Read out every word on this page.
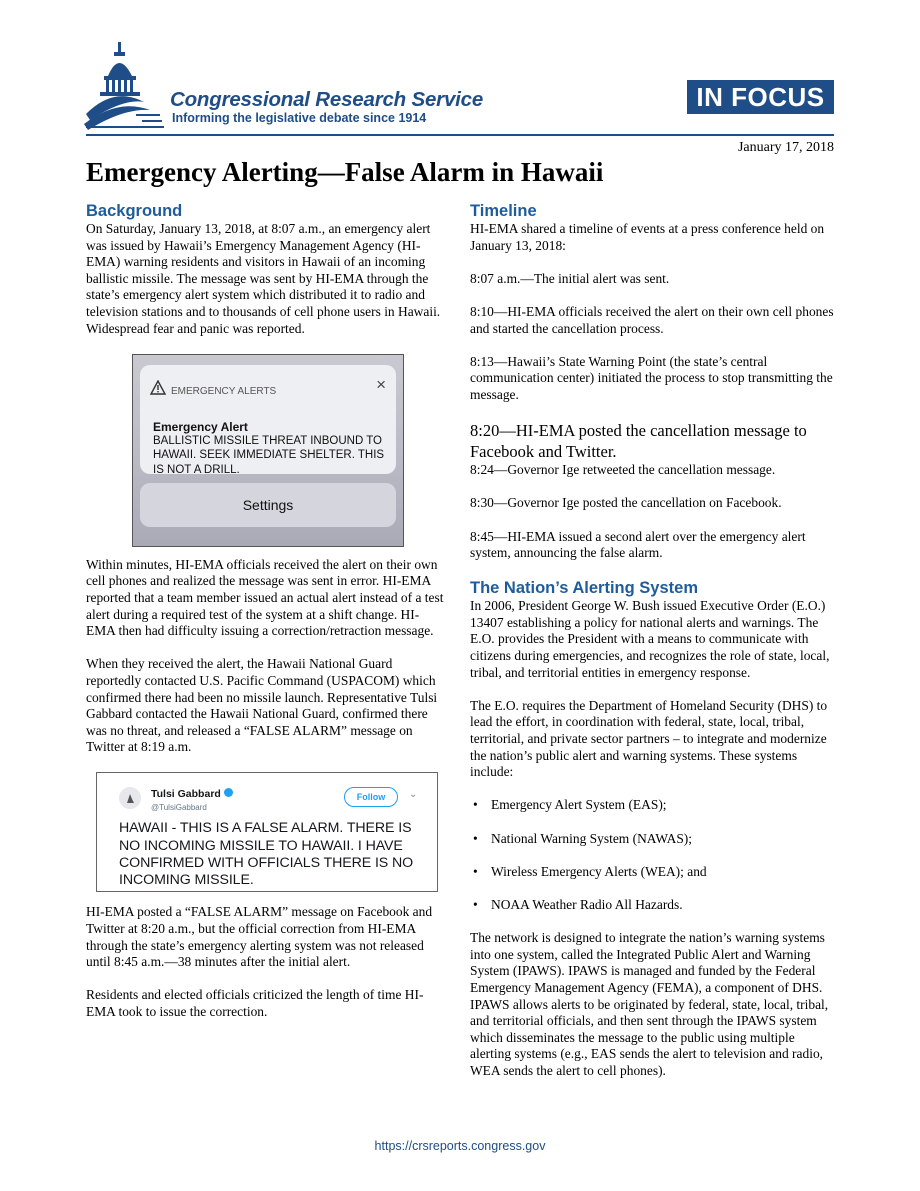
Congressional Research Service
Informing the legislative debate since 1914
IN FOCUS
January 17, 2018
Emergency Alerting—False Alarm in Hawaii
Background

On Saturday, January 13, 2018, at 8:07 a.m., an emergency alert was issued by Hawaii’s Emergency Management Agency (HI-EMA) warning residents and visitors in Hawaii of an incoming ballistic missile. The message was sent by HI-EMA through the state’s emergency alert system which distributed it to radio and television stations and to thousands of cell phone users in Hawaii. Widespread fear and panic was reported.

EMERGENCY ALERTS	×
Emergency Alert
BALLISTIC MISSILE THREAT INBOUND TO HAWAII. SEEK IMMEDIATE SHELTER. THIS IS NOT A DRILL.
Settings

Within minutes, HI-EMA officials received the alert on their own cell phones and realized the message was sent in error. HI-EMA reported that a team member issued an actual alert instead of a test alert during a required test of the system at a shift change. HI-EMA then had difficulty issuing a correction/retraction message.

When they received the alert, the Hawaii National Guard reportedly contacted U.S. Pacific Command (USPACOM) which confirmed there had been no missile launch. Representative Tulsi Gabbard contacted the Hawaii National Guard, confirmed there was no threat, and released a “FALSE ALARM” message on Twitter at 8:19 a.m.

Tulsi Gabbard
@TulsiGabbard
Follow	⌄
HAWAII - THIS IS A FALSE ALARM. THERE IS NO INCOMING MISSILE TO HAWAII. I HAVE CONFIRMED WITH OFFICIALS THERE IS NO INCOMING MISSILE.

HI-EMA posted a “FALSE ALARM” message on Facebook and Twitter at 8:20 a.m., but the official correction from HI-EMA through the state’s emergency alerting system was not released until 8:45 a.m.—38 minutes after the initial alert.

Residents and elected officials criticized the length of time HI-EMA took to issue the correction.

Timeline

HI-EMA shared a timeline of events at a press conference held on January 13, 2018:

8:07 a.m.—The initial alert was sent.

8:10—HI-EMA officials received the alert on their own cell phones and started the cancellation process.

8:13—Hawaii’s State Warning Point (the state’s central communication center) initiated the process to stop transmitting the message.

8:20—HI-EMA posted the cancellation message to Facebook and Twitter.

8:24—Governor Ige retweeted the cancellation message.

8:30—Governor Ige posted the cancellation on Facebook.

8:45—HI-EMA issued a second alert over the emergency alert system, announcing the false alarm.

The Nation’s Alerting System

In 2006, President George W. Bush issued Executive Order (E.O.) 13407 establishing a policy for national alerts and warnings. The E.O. provides the President with a means to communicate with citizens during emergencies, and recognizes the role of state, local, tribal, and territorial entities in emergency response.

The E.O. requires the Department of Homeland Security (DHS) to lead the effort, in coordination with federal, state, local, tribal, territorial, and private sector partners – to integrate and modernize the nation’s public alert and warning systems. These systems include:

• Emergency Alert System (EAS);
• National Warning System (NAWAS);
• Wireless Emergency Alerts (WEA); and
• NOAA Weather Radio All Hazards.

The network is designed to integrate the nation’s warning systems into one system, called the Integrated Public Alert and Warning System (IPAWS). IPAWS is managed and funded by the Federal Emergency Management Agency (FEMA), a component of DHS. IPAWS allows alerts to be originated by federal, state, local, tribal, and territorial officials, and then sent through the IPAWS system which disseminates the message to the public using multiple alerting systems (e.g., EAS sends the alert to television and radio, WEA sends the alert to cell phones).

https://crsreports.congress.gov
